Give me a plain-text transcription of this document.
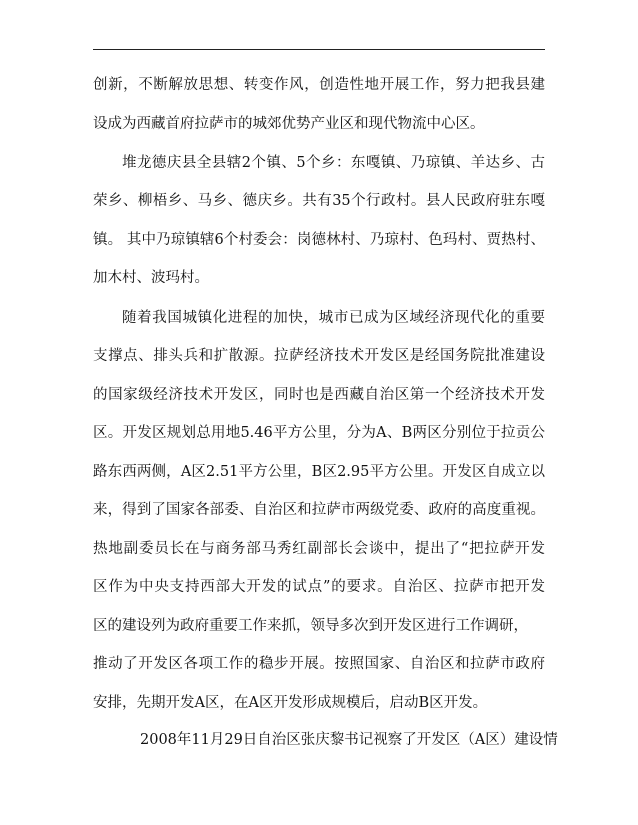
创新，不断解放思想、转变作风，创造性地开展工作，努力把我县建
设成为西藏首府拉萨市的城郊优势产业区和现代物流中心区。
堆龙德庆县全县辖2个镇、5个乡：东嘎镇、乃琼镇、羊达乡、古
荣乡、柳梧乡、马乡、德庆乡。共有35个行政村。县人民政府驻东嘎
镇。 其中乃琼镇辖6个村委会：岗德林村、乃琼村、色玛村、贾热村、
加木村、波玛村。
随着我国城镇化进程的加快，城市已成为区域经济现代化的重要
支撑点、排头兵和扩散源。拉萨经济技术开发区是经国务院批准建设
的国家级经济技术开发区，同时也是西藏自治区第一个经济技术开发
区。开发区规划总用地5.46平方公里，分为A、B两区分别位于拉贡公
路东西两侧，A区2.51平方公里，B区2.95平方公里。开发区自成立以
来，得到了国家各部委、自治区和拉萨市两级党委、政府的高度重视。
热地副委员长在与商务部马秀红副部长会谈中，提出了“把拉萨开发
区作为中央支持西部大开发的试点”的要求。自治区、拉萨市把开发
区的建设列为政府重要工作来抓，领导多次到开发区进行工作调研，
推动了开发区各项工作的稳步开展。按照国家、自治区和拉萨市政府
安排，先期开发A区，在A区开发形成规模后，启动B区开发。
2008年11月29日自治区张庆黎书记视察了开发区（A区）建设情
